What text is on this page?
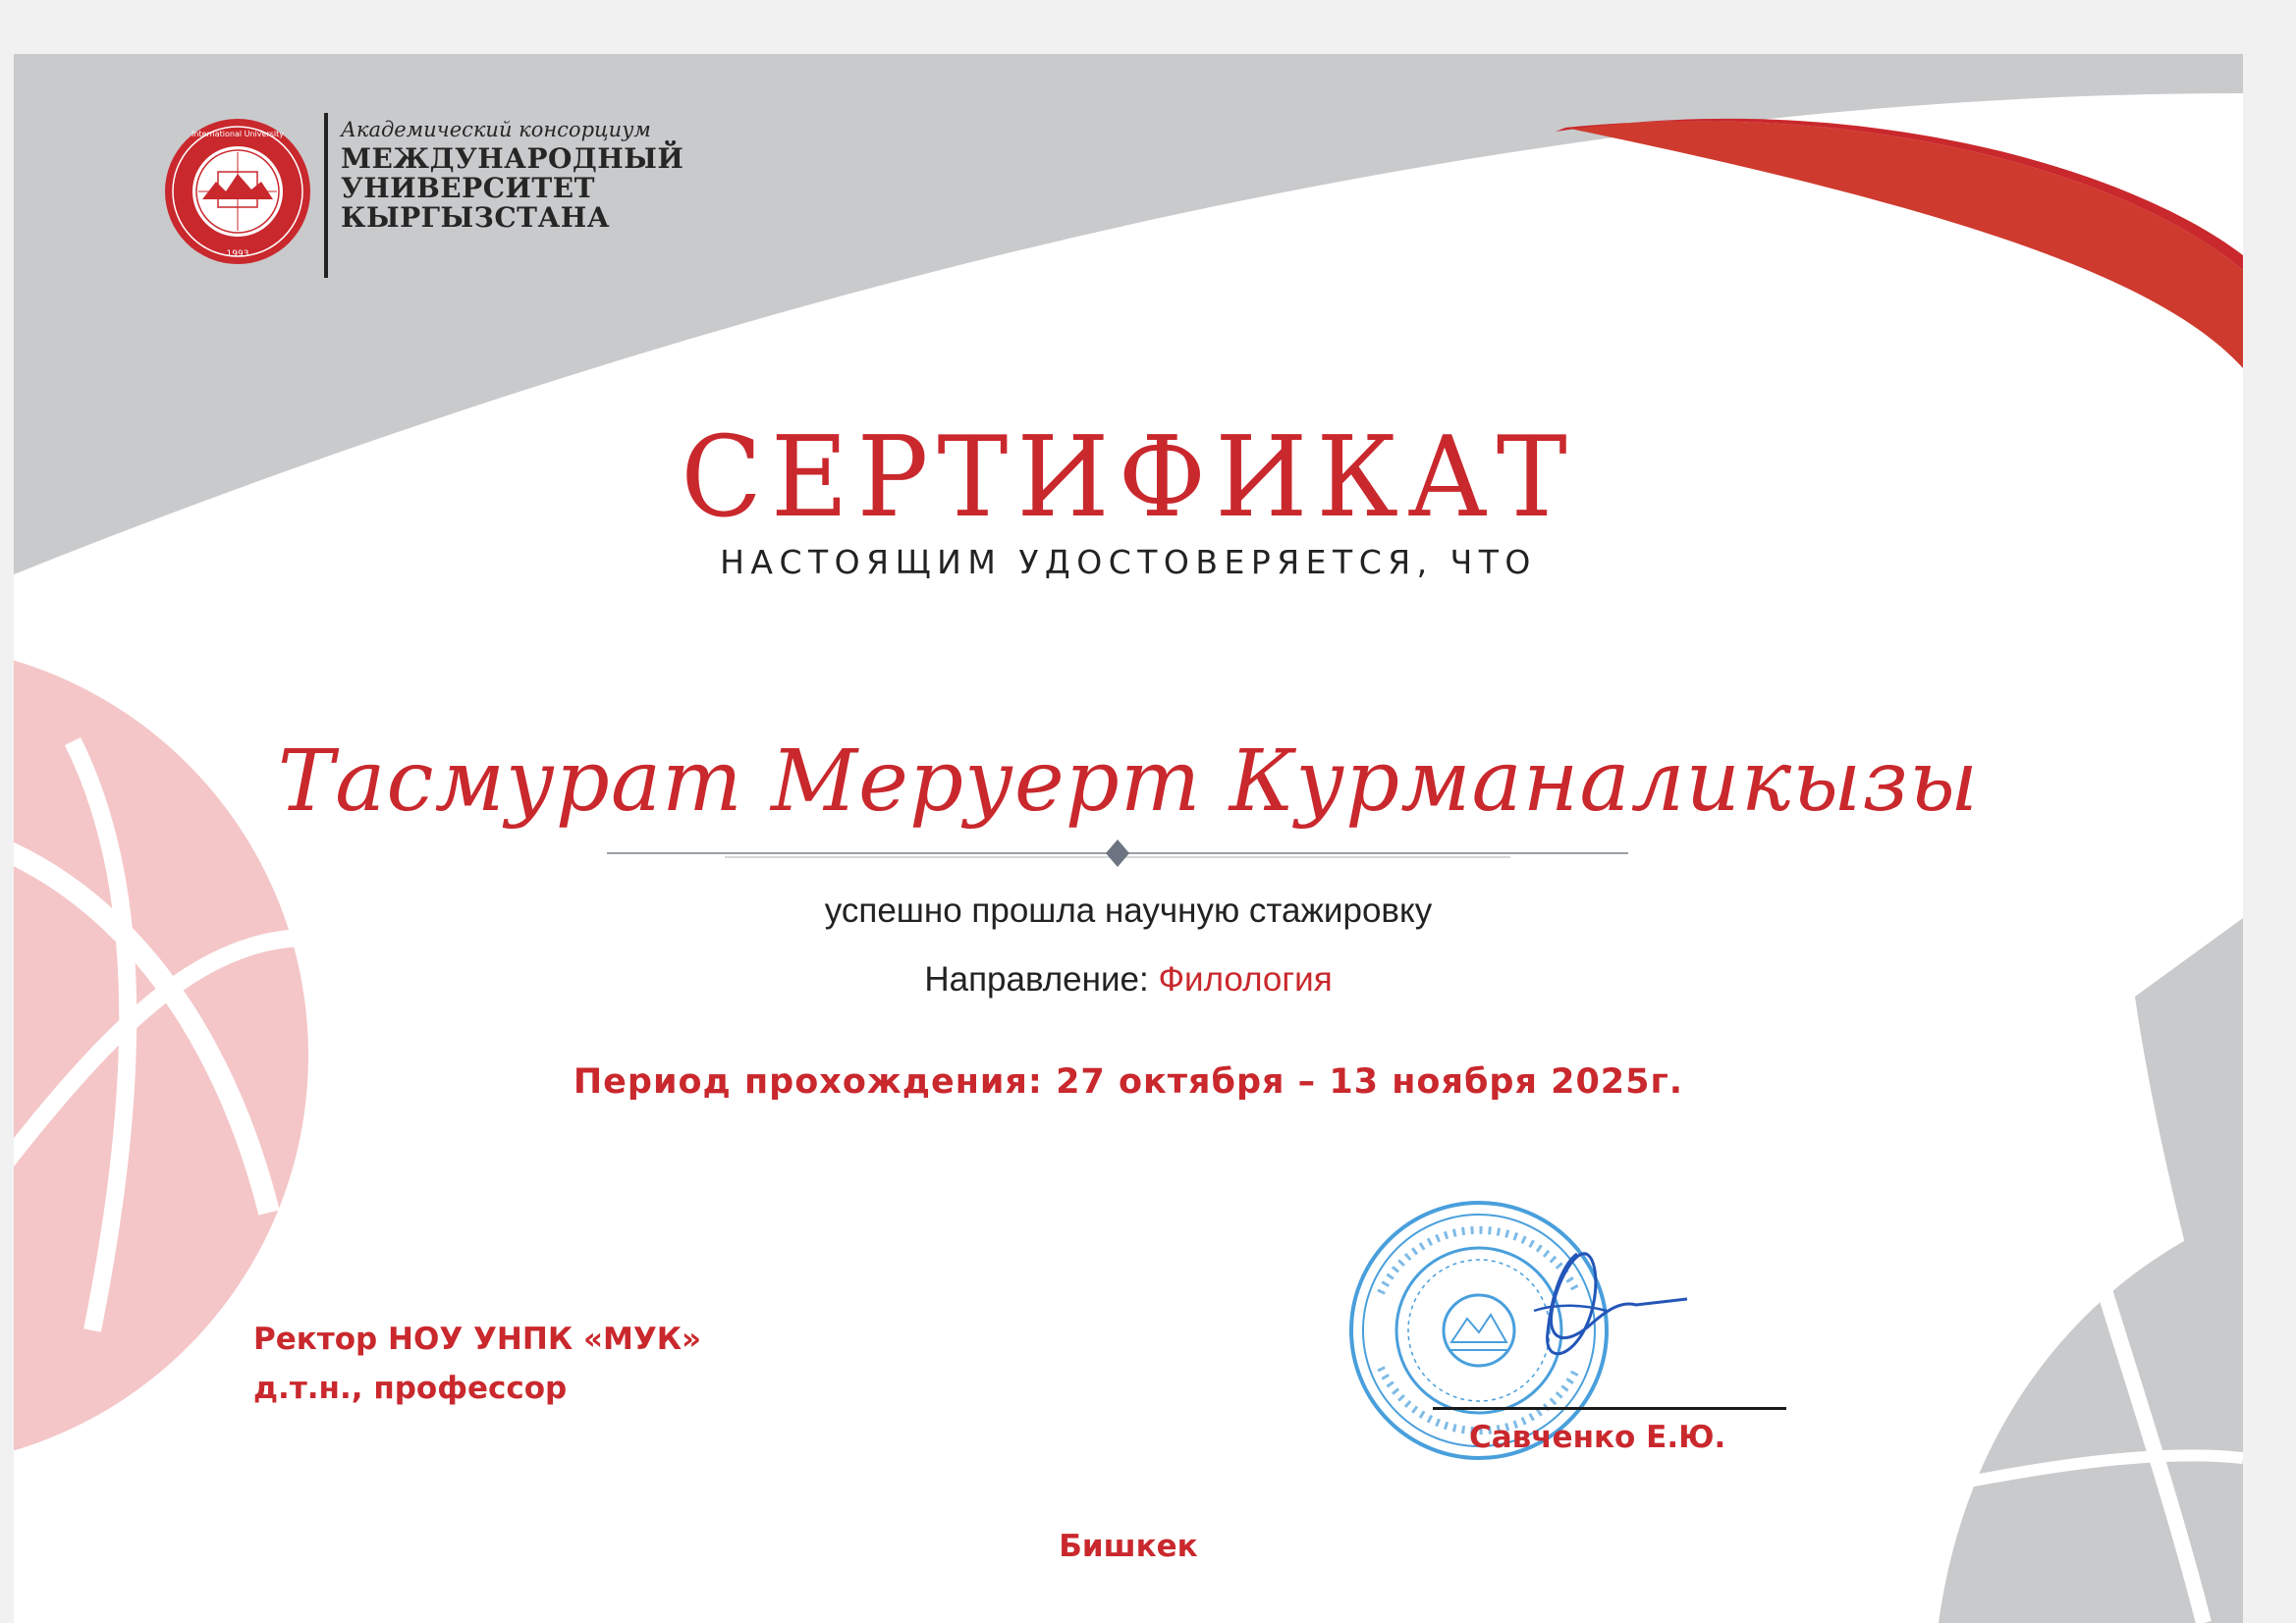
1993
International University	Академический консорциум
МЕЖДУНАРОДНЫЙ
УНИВЕРСИТЕТ
КЫРГЫЗСТАНА
СЕРТИФИКАТ
НАСТОЯЩИМ УДОСТОВЕРЯЕТСЯ, ЧТО
Тасмурат Меруерт Курманаликызы
успешно прошла научную стажировку
Направление: Филология
Период прохождения: 27 октября – 13 ноября 2025г.
Ректор НОУ УНПК «МУК»
д.т.н., профессор
Савченко Е.Ю.
Бишкек
